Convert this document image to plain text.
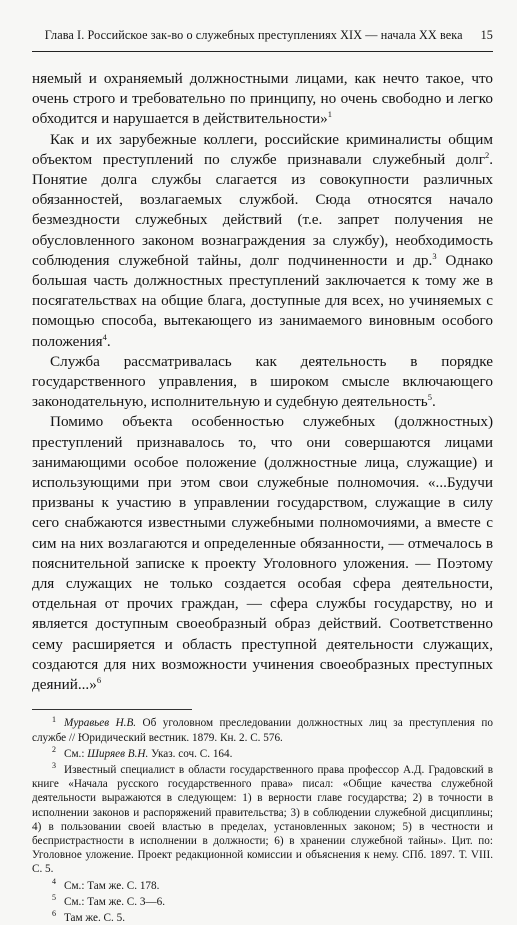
Глава I. Российское зак-во о служебных преступлениях XIX — начала XX века	15

няемый и охраняемый должностными лицами, как нечто такое, что очень строго и требовательно по принципу, но очень свободно и легко обходится и нарушается в действительности»$^1$

Как и их зарубежные коллеги, российские криминалисты общим объектом преступлений по службе признавали служебный долг$^2$. Понятие долга службы слагается из совокупности различных обязанностей, возлагаемых службой. Сюда относятся начало безмездности служебных действий (т.е. запрет получения не обусловленного законом вознаграждения за службу), необходимость соблюдения служебной тайны, долг подчиненности и др.$^3$ Однако большая часть должностных преступлений заключается к тому же в посягательствах на общие блага, доступные для всех, но учиняемых с помощью способа, вытекающего из занимаемого виновным особого положения$^4$.

Служба рассматривалась как деятельность в порядке государственного управления, в широком смысле включающего законодательную, исполнительную и судебную деятельность$^5$.

Помимо объекта особенностью служебных (должностных) преступлений признавалось то, что они совершаются лицами занимающими особое положение (должностные лица, служащие) и использующими при этом свои служебные полномочия. «...Будучи призваны к участию в управлении государством, служащие в силу сего снабжаются известными служебными полномочиями, а вместе с сим на них возлагаются и определенные обязанности, — отмечалось в пояснительной записке к проекту Уголовного уложения. — Поэтому для служащих не только создается особая сфера деятельности, отдельная от прочих граждан, — сфера службы государству, но и является доступным своеобразный образ действий. Соответственно сему расширяется и область преступной деятельности служащих, создаются для них возможности учинения своеобразных преступных деяний...»$^6$

$^1$ Муравьев Н.В. Об уголовном преследовании должностных лиц за преступления по службе // Юридический вестник. 1879. Кн. 2. С. 576.

$^2$ См.: Ширяев В.Н. Указ. соч. С. 164.

$^3$ Известный специалист в области государственного права профессор А.Д. Градовский в книге «Начала русского государственного права» писал: «Общие качества служебной деятельности выражаются в следующем: 1) в верности главе государства; 2) в точности в исполнении законов и распоряжений правительства; 3) в соблюдении служебной дисциплины; 4) в пользовании своей властью в пределах, установленных законом; 5) в честности и беспристрастности в исполнении в должности; 6) в хранении служебной тайны». Цит. по: Уголовное уложение. Проект редакционной комиссии и объяснения к нему. СПб. 1897. Т. VIII. С. 5.

$^4$ См.: Там же. С. 178.

$^5$ См.: Там же. С. 3—6.

$^6$ Там же. С. 5.
